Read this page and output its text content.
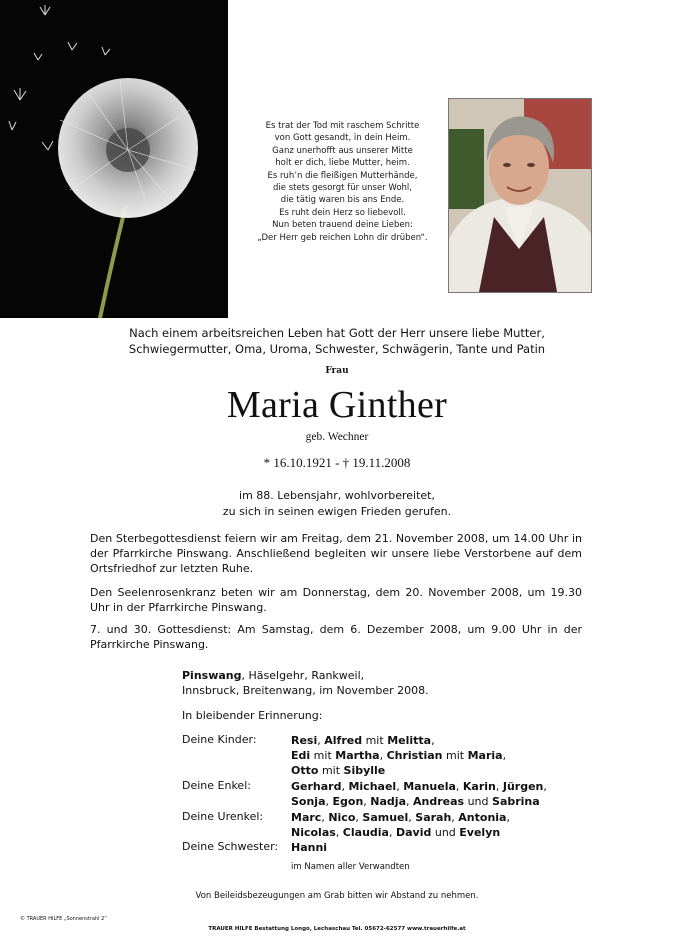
Es trat der Tod mit raschem Schritte
von Gott gesandt, in dein Heim.
Ganz unerhofft aus unserer Mitte
holt er dich, liebe Mutter, heim.
Es ruh’n die fleißigen Mutterhände,
die stets gesorgt für unser Wohl,
die tätig waren bis ans Ende.
Es ruht dein Herz so liebevoll.
Nun beten trauend deine Lieben:
„Der Herr geb reichen Lohn dir drüben“.
Nach einem arbeitsreichen Leben hat Gott der Herr unsere liebe Mutter,
Schwiegermutter, Oma, Uroma, Schwester, Schwägerin, Tante und Patin
Frau
Maria Ginther
geb. Wechner
* 16.10.1921 - † 19.11.2008
im 88. Lebensjahr, wohlvorbereitet,
zu sich in seinen ewigen Frieden gerufen.
Den Sterbegottesdienst feiern wir am Freitag, dem 21. November 2008, um 14.00 Uhr in der Pfarrkirche Pinswang. Anschließend begleiten wir unsere liebe Verstorbene auf dem Ortsfriedhof zur letzten Ruhe.
Den Seelenrosenkranz beten wir am Donnerstag, dem 20. November 2008, um 19.30 Uhr in der Pfarrkirche Pinswang.
7. und 30. Gottesdienst: Am Samstag, dem 6. Dezember 2008, um 9.00 Uhr in der Pfarrkirche Pinswang.
Pinswang, Häselgehr, Rankweil,
Innsbruck, Breitenwang, im November 2008.
In bleibender Erinnerung:
Deine Kinder:
Deine Enkel:
Deine Urenkel:
Deine Schwester:
Resi, Alfred mit Melitta,
Edi mit Martha, Christian mit Maria,
Otto mit Sibylle
Gerhard, Michael, Manuela, Karin, Jürgen,
Sonja, Egon, Nadja, Andreas und Sabrina
Marc, Nico, Samuel, Sarah, Antonia,
Nicolas, Claudia, David und Evelyn
Hanni
im Namen aller Verwandten
Von Beileidsbezeugungen am Grab bitten wir Abstand zu nehmen.
© TRAUER HILFE „Sonnenstrahl 2“
TRAUER HILFE Bestattung Longo, Lechaschau Tel. 05672-62577 www.trauerhilfe.at
